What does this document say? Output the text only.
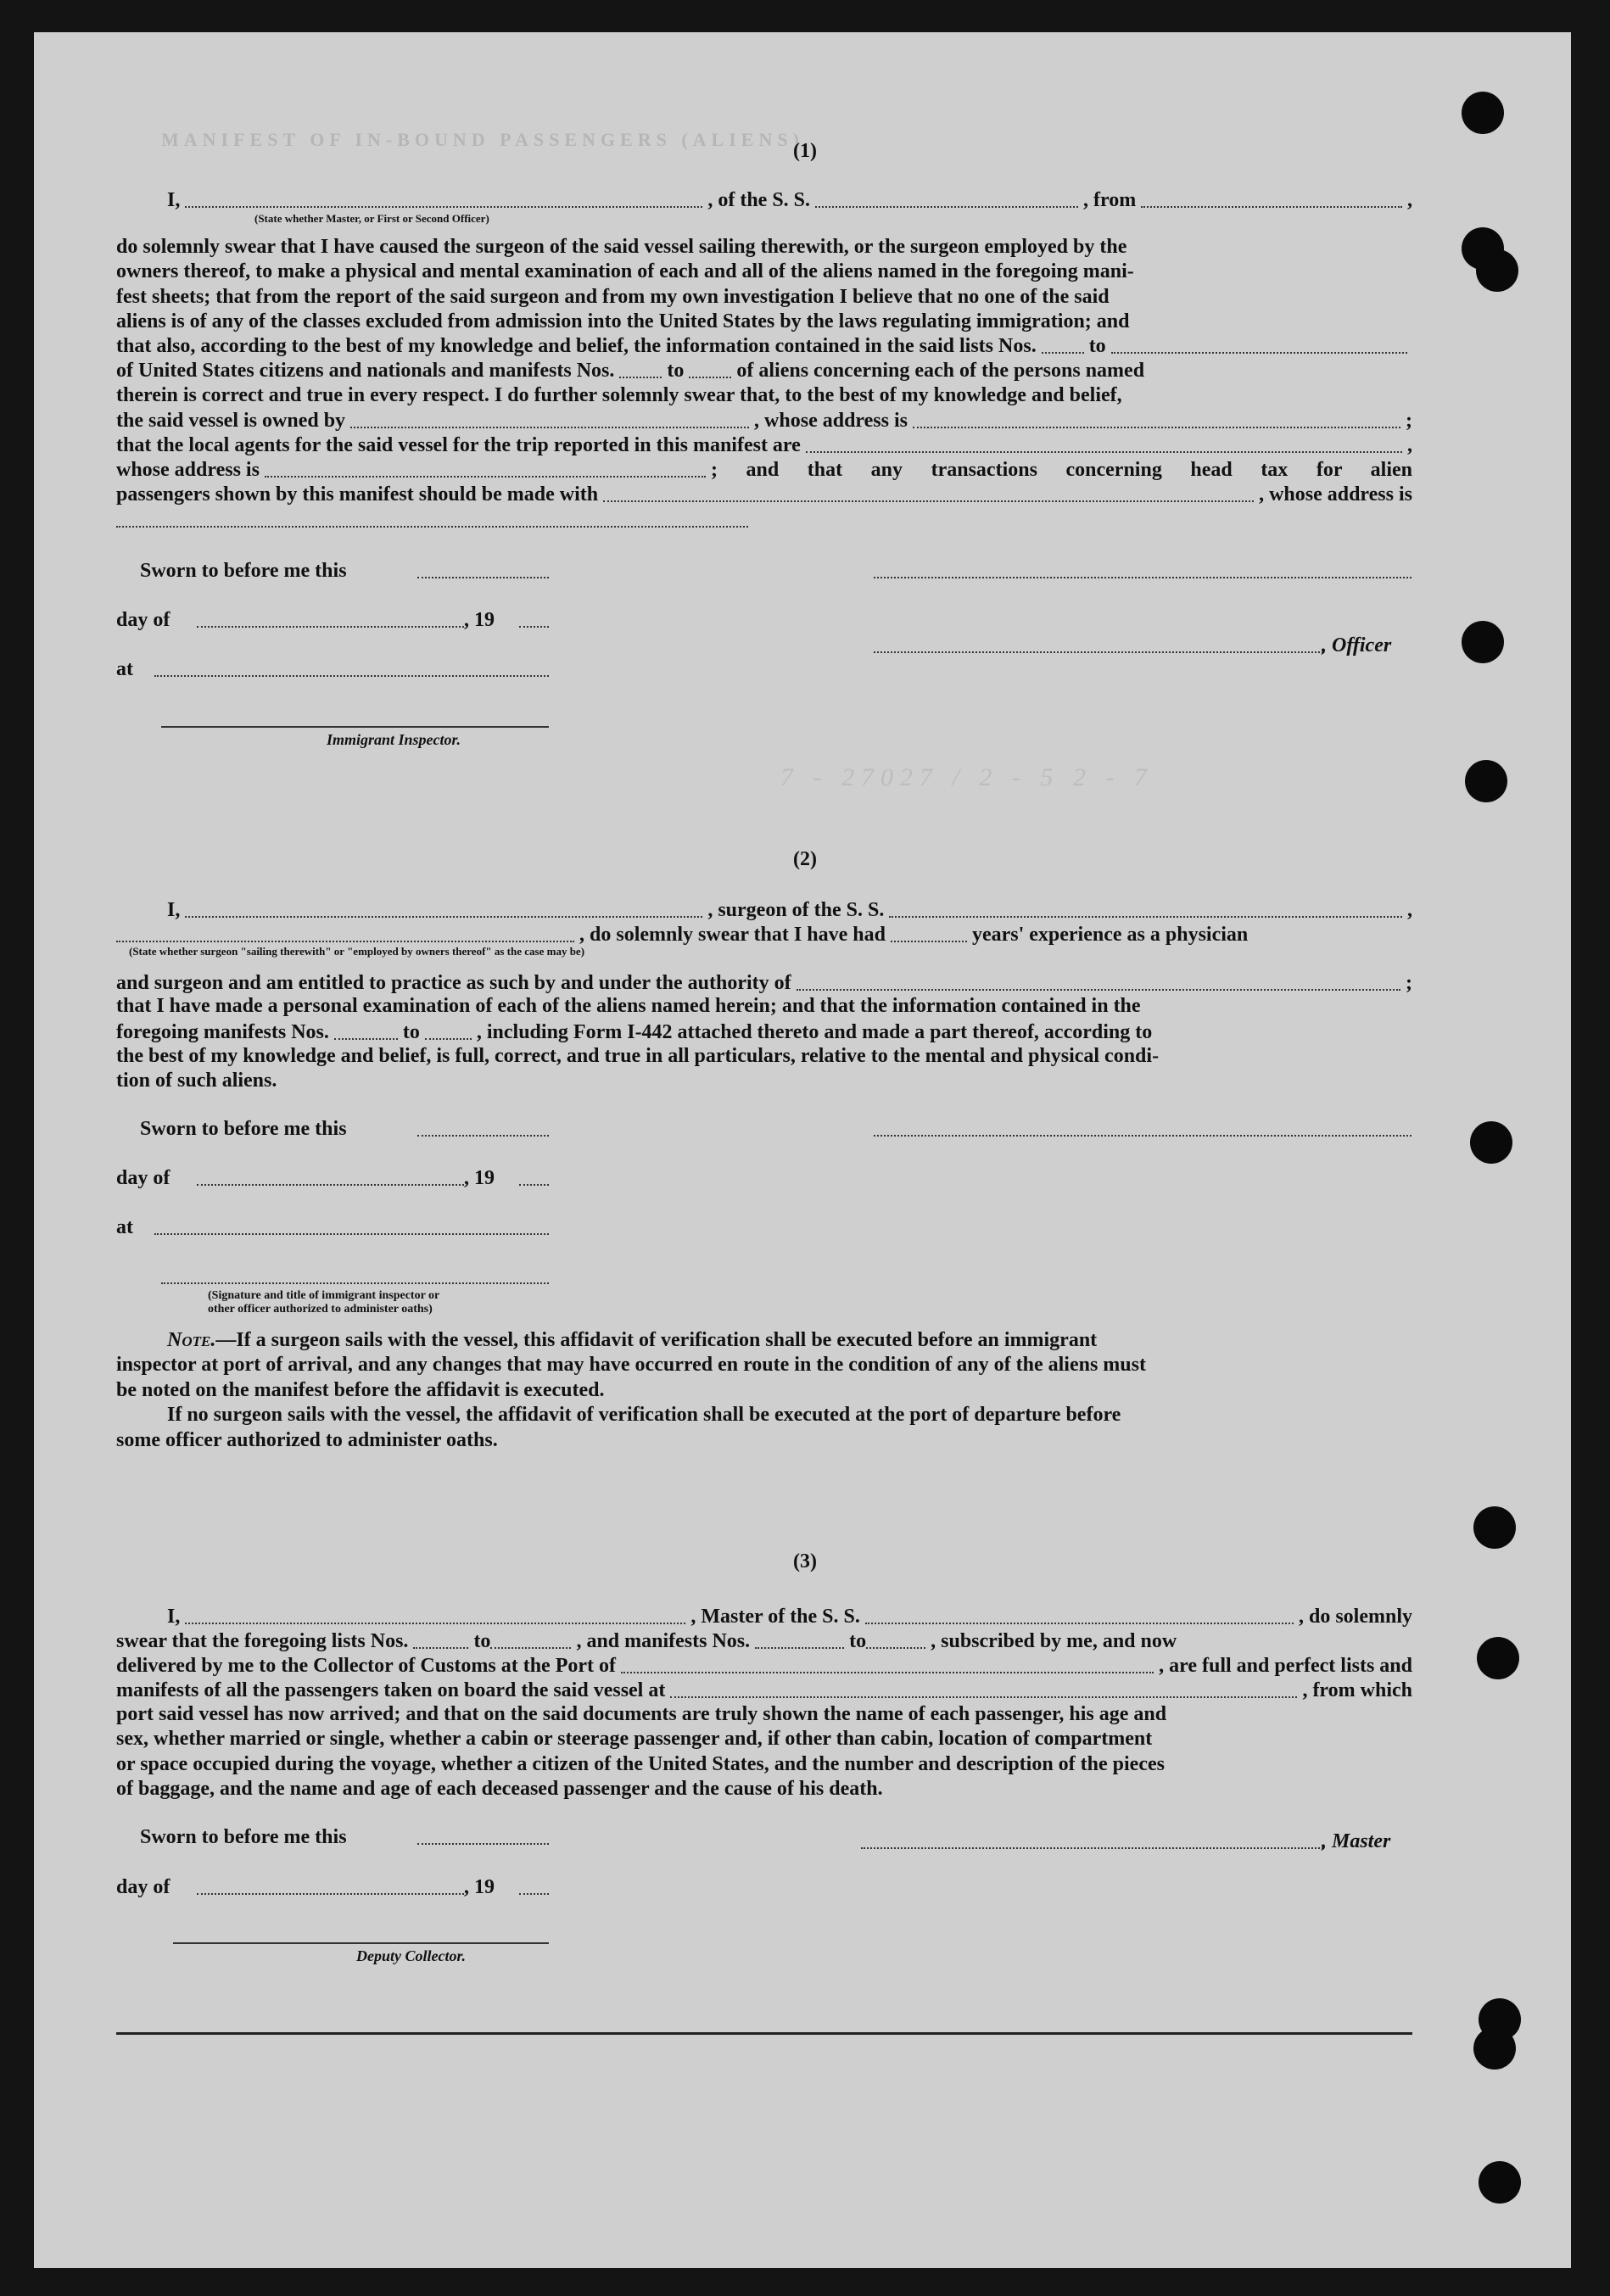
MANIFEST OF IN-BOUND PASSENGERS (ALIENS)
7 - 27027 / 2 - 5 2 - 7
(1)
I,	, of the S. S.	, from	,
(State whether Master, or First or Second Officer)
do solemnly swear that I have caused the surgeon of the said vessel sailing therewith, or the surgeon employed by the
owners thereof, to make a physical and mental examination of each and all of the aliens named in the foregoing mani-
fest sheets; that from the report of the said surgeon and from my own investigation I believe that no one of the said
aliens is of any of the classes excluded from admission into the United States by the laws regulating immigration; and
that also, according to the best of my knowledge and belief, the information contained in the said lists Nos.	to
of United States citizens and nationals and manifests Nos.	to	of aliens concerning each of the persons named
therein is correct and true in every respect. I do further solemnly swear that, to the best of my knowledge and belief,
the said vessel is owned by	, whose address is	;
that the local agents for the said vessel for the trip reported in this manifest are	,
whose address is	; and that any transactions concerning head tax for alien
passengers shown by this manifest should be made with	, whose address is
Sworn to before me this
day of	, 19
, Officer
at
Immigrant Inspector.
(2)
I,	, surgeon of the S. S.	,
, do solemnly swear that I have had	years' experience as a physician
(State whether surgeon "sailing therewith" or "employed by owners thereof" as the case may be)
and surgeon and am entitled to practice as such by and under the authority of	;
that I have made a personal examination of each of the aliens named herein; and that the information contained in the
foregoing manifests Nos.	to	, including Form I-442 attached thereto and made a part thereof, according to
the best of my knowledge and belief, is full, correct, and true in all particulars, relative to the mental and physical condi-
tion of such aliens.
Sworn to before me this
day of	, 19
at
(Signature and title of immigrant inspector or
other officer authorized to administer oaths)
Note.—If a surgeon sails with the vessel, this affidavit of verification shall be executed before an immigrant
inspector at port of arrival, and any changes that may have occurred en route in the condition of any of the aliens must
be noted on the manifest before the affidavit is executed.
If no surgeon sails with the vessel, the affidavit of verification shall be executed at the port of departure before
some officer authorized to administer oaths.
(3)
I,	, Master of the S. S.	, do solemnly
swear that the foregoing lists Nos.	to	, and manifests Nos.	to	, subscribed by me, and now
delivered by me to the Collector of Customs at the Port of	, are full and perfect lists and
manifests of all the passengers taken on board the said vessel at	, from which
port said vessel has now arrived; and that on the said documents are truly shown the name of each passenger, his age and
sex, whether married or single, whether a cabin or steerage passenger and, if other than cabin, location of compartment
or space occupied during the voyage, whether a citizen of the United States, and the number and description of the pieces
of baggage, and the name and age of each deceased passenger and the cause of his death.
Sworn to before me this	, Master
day of	, 19
Deputy Collector.
